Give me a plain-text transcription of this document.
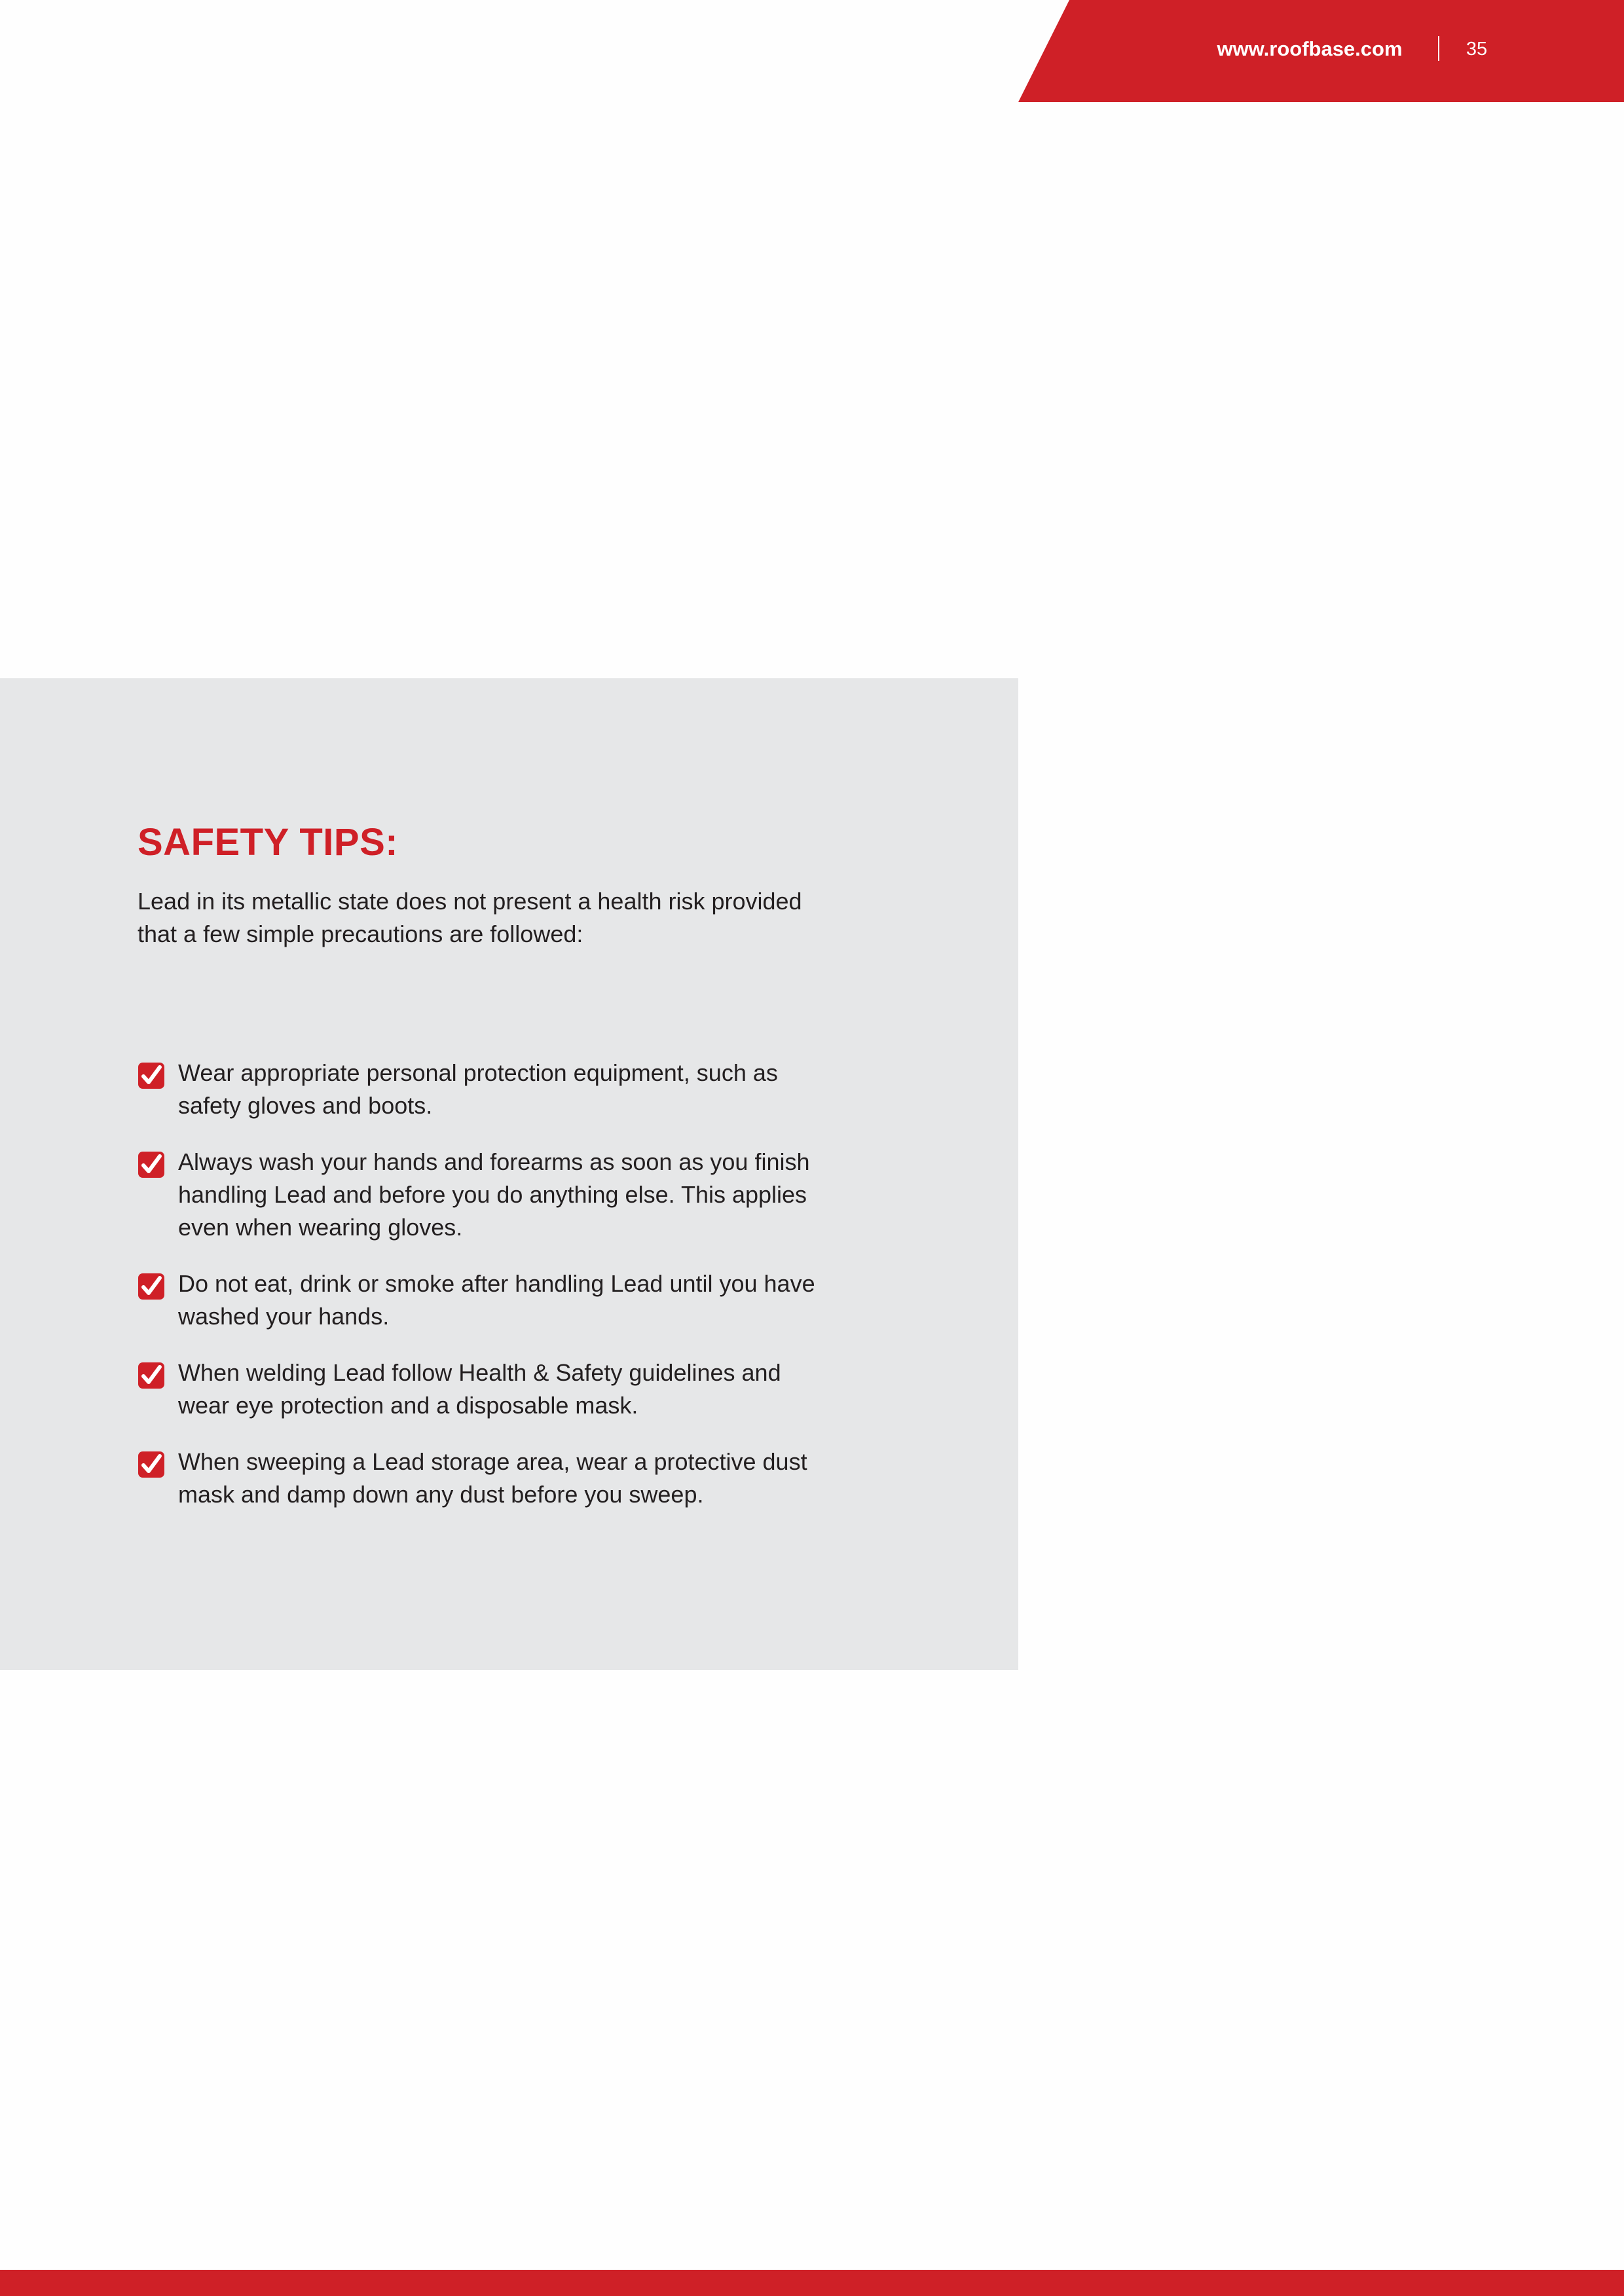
www.roofbase.com	35
SAFETY TIPS:

Lead in its metallic state does not present a health risk provided that a few simple precautions are followed:

Wear appropriate personal protection equipment, such as safety gloves and boots.
Always wash your hands and forearms as soon as you finish handling Lead and before you do anything else. This applies even when wearing gloves.
Do not eat, drink or smoke after handling Lead until you have washed your hands.
When welding Lead follow Health & Safety guidelines and wear eye protection and a disposable mask.
When sweeping a Lead storage area, wear a protective dust mask and damp down any dust before you sweep.
